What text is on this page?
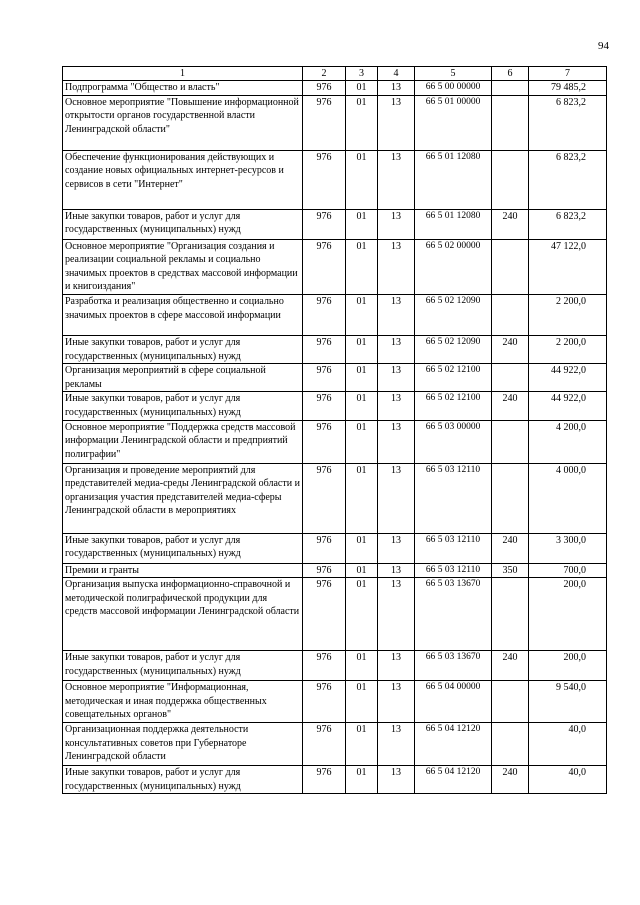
94
1	2	3	4	5	6	7
Подпрограмма "Общество и власть"	976	01	13	66 5 00 00000		79 485,2
Основное мероприятие "Повышение информационной открытости органов государственной власти Ленинградской области"	976	01	13	66 5 01 00000		6 823,2
Обеспечение функционирования действующих и создание новых официальных интернет-ресурсов и сервисов в сети "Интернет"	976	01	13	66 5 01 12080		6 823,2
Иные закупки товаров, работ и услуг для государственных (муниципальных) нужд	976	01	13	66 5 01 12080	240	6 823,2
Основное мероприятие "Организация создания и реализации социальной рекламы и социально значимых проектов в средствах массовой информации и книгоиздания"	976	01	13	66 5 02 00000		47 122,0
Разработка и реализация общественно и социально значимых проектов в сфере массовой информации	976	01	13	66 5 02 12090		2 200,0
Иные закупки товаров, работ и услуг для государственных (муниципальных) нужд	976	01	13	66 5 02 12090	240	2 200,0
Организация мероприятий в сфере социальной рекламы	976	01	13	66 5 02 12100		44 922,0
Иные закупки товаров, работ и услуг для государственных (муниципальных) нужд	976	01	13	66 5 02 12100	240	44 922,0
Основное мероприятие "Поддержка средств массовой информации Ленинградской области и предприятий полиграфии"	976	01	13	66 5 03 00000		4 200,0
Организация и проведение мероприятий для представителей медиа-среды Ленинградской области и организация участия представителей медиа-сферы Ленинградской области в мероприятиях	976	01	13	66 5 03 12110		4 000,0
Иные закупки товаров, работ и услуг для государственных (муниципальных) нужд	976	01	13	66 5 03 12110	240	3 300,0
Премии и гранты	976	01	13	66 5 03 12110	350	700,0
Организация выпуска информационно-справочной и методической полиграфической продукции для средств массовой информации Ленинградской области	976	01	13	66 5 03 13670		200,0
Иные закупки товаров, работ и услуг для государственных (муниципальных) нужд	976	01	13	66 5 03 13670	240	200,0
Основное мероприятие "Информационная, методическая и иная поддержка общественных совещательных органов"	976	01	13	66 5 04 00000		9 540,0
Организационная поддержка деятельности консультативных советов при Губернаторе Ленинградской области	976	01	13	66 5 04 12120		40,0
Иные закупки товаров, работ и услуг для государственных (муниципальных) нужд	976	01	13	66 5 04 12120	240	40,0
